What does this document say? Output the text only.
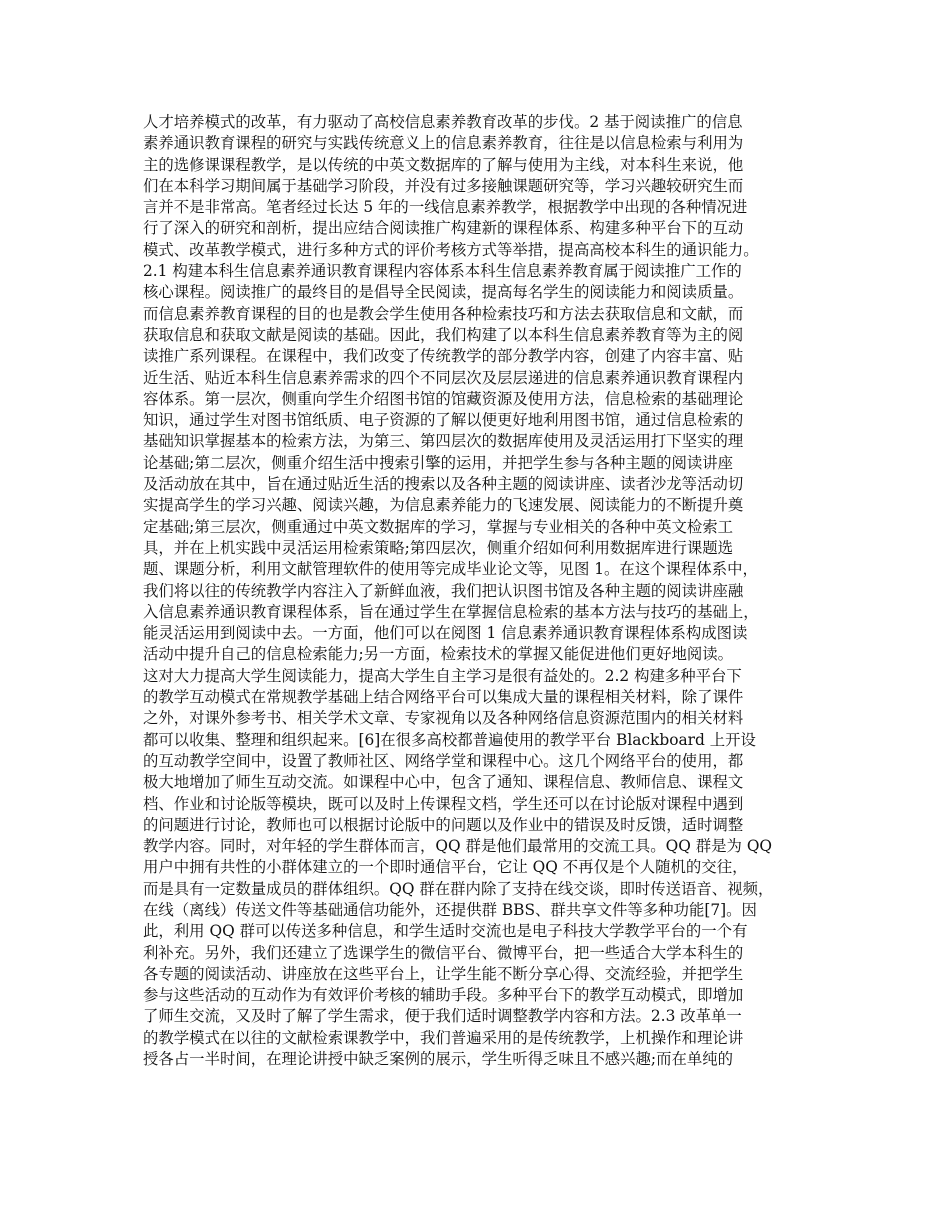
人才培养模式的改革，有力驱动了高校信息素养教育改革的步伐。2 基于阅读推广的信息
素养通识教育课程的研究与实践传统意义上的信息素养教育，往往是以信息检索与利用为
主的选修课课程教学，是以传统的中英文数据库的了解与使用为主线，对本科生来说，他
们在本科学习期间属于基础学习阶段，并没有过多接触课题研究等，学习兴趣较研究生而
言并不是非常高。笔者经过长达 5 年的一线信息素养教学，根据教学中出现的各种情况进
行了深入的研究和剖析，提出应结合阅读推广构建新的课程体系、构建多种平台下的互动
模式、改革教学模式，进行多种方式的评价考核方式等举措，提高高校本科生的通识能力。
2.1 构建本科生信息素养通识教育课程内容体系本科生信息素养教育属于阅读推广工作的
核心课程。阅读推广的最终目的是倡导全民阅读，提高每名学生的阅读能力和阅读质量。
而信息素养教育课程的目的也是教会学生使用各种检索技巧和方法去获取信息和文献，而
获取信息和获取文献是阅读的基础。因此，我们构建了以本科生信息素养教育等为主的阅
读推广系列课程。在课程中，我们改变了传统教学的部分教学内容，创建了内容丰富、贴
近生活、贴近本科生信息素养需求的四个不同层次及层层递进的信息素养通识教育课程内
容体系。第一层次，侧重向学生介绍图书馆的馆藏资源及使用方法，信息检索的基础理论
知识，通过学生对图书馆纸质、电子资源的了解以便更好地利用图书馆，通过信息检索的
基础知识掌握基本的检索方法，为第三、第四层次的数据库使用及灵活运用打下坚实的理
论基础;第二层次，侧重介绍生活中搜索引擎的运用，并把学生参与各种主题的阅读讲座
及活动放在其中，旨在通过贴近生活的搜索以及各种主题的阅读讲座、读者沙龙等活动切
实提高学生的学习兴趣、阅读兴趣，为信息素养能力的飞速发展、阅读能力的不断提升奠
定基础;第三层次，侧重通过中英文数据库的学习，掌握与专业相关的各种中英文检索工
具，并在上机实践中灵活运用检索策略;第四层次，侧重介绍如何利用数据库进行课题选
题、课题分析，利用文献管理软件的使用等完成毕业论文等，见图 1。在这个课程体系中，
我们将以往的传统教学内容注入了新鲜血液，我们把认识图书馆及各种主题的阅读讲座融
入信息素养通识教育课程体系，旨在通过学生在掌握信息检索的基本方法与技巧的基础上，
能灵活运用到阅读中去。一方面，他们可以在阅图 1 信息素养通识教育课程体系构成图读
活动中提升自己的信息检索能力;另一方面，检索技术的掌握又能促进他们更好地阅读。
这对大力提高大学生阅读能力，提高大学生自主学习是很有益处的。2.2 构建多种平台下
的教学互动模式在常规教学基础上结合网络平台可以集成大量的课程相关材料，除了课件
之外，对课外参考书、相关学术文章、专家视角以及各种网络信息资源范围内的相关材料
都可以收集、整理和组织起来。[6]在很多高校都普遍使用的教学平台 Blackboard 上开设
的互动教学空间中，设置了教师社区、网络学堂和课程中心。这几个网络平台的使用，都
极大地增加了师生互动交流。如课程中心中，包含了通知、课程信息、教师信息、课程文
档、作业和讨论版等模块，既可以及时上传课程文档，学生还可以在讨论版对课程中遇到
的问题进行讨论，教师也可以根据讨论版中的问题以及作业中的错误及时反馈，适时调整
教学内容。同时，对年轻的学生群体而言，QQ 群是他们最常用的交流工具。QQ 群是为 QQ
用户中拥有共性的小群体建立的一个即时通信平台，它让 QQ 不再仅是个人随机的交往，
而是具有一定数量成员的群体组织。QQ 群在群内除了支持在线交谈，即时传送语音、视频，
在线（离线）传送文件等基础通信功能外，还提供群 BBS、群共享文件等多种功能[7]。因
此，利用 QQ 群可以传送多种信息，和学生适时交流也是电子科技大学教学平台的一个有
利补充。另外，我们还建立了选课学生的微信平台、微博平台，把一些适合大学本科生的
各专题的阅读活动、讲座放在这些平台上，让学生能不断分享心得、交流经验，并把学生
参与这些活动的互动作为有效评价考核的辅助手段。多种平台下的教学互动模式，即增加
了师生交流，又及时了解了学生需求，便于我们适时调整教学内容和方法。2.3 改革单一
的教学模式在以往的文献检索课教学中，我们普遍采用的是传统教学，上机操作和理论讲
授各占一半时间，在理论讲授中缺乏案例的展示，学生听得乏味且不感兴趣;而在单纯的
